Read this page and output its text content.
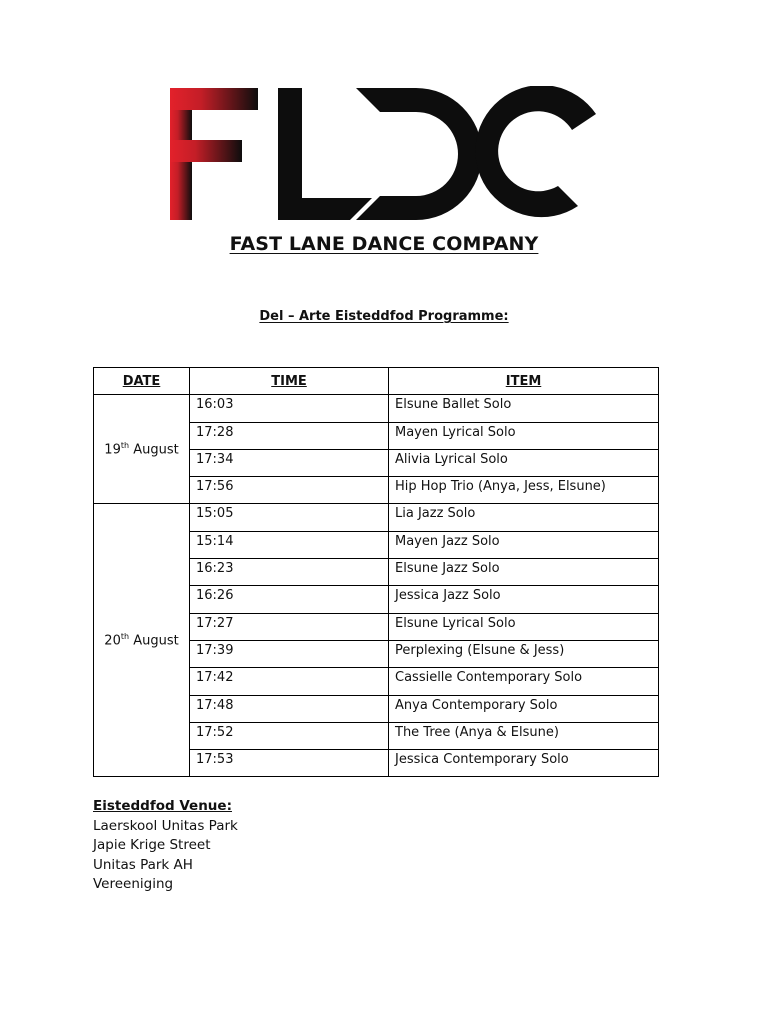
FAST LANE DANCE COMPANY
Del – Arte Eisteddfod Programme:
DATE	TIME	ITEM
19th August	16:03	Elsune Ballet Solo
	17:28	Mayen Lyrical Solo
	17:34	Alivia Lyrical Solo
	17:56	Hip Hop Trio (Anya, Jess, Elsune)
20th August	15:05	Lia Jazz Solo
	15:14	Mayen Jazz Solo
	16:23	Elsune Jazz Solo
	16:26	Jessica Jazz Solo
	17:27	Elsune Lyrical Solo
	17:39	Perplexing (Elsune & Jess)
	17:42	Cassielle Contemporary Solo
	17:48	Anya Contemporary Solo
	17:52	The Tree (Anya & Elsune)
	17:53	Jessica Contemporary Solo
Eisteddfod Venue:
Laerskool Unitas Park
Japie Krige Street
Unitas Park AH
Vereeniging
